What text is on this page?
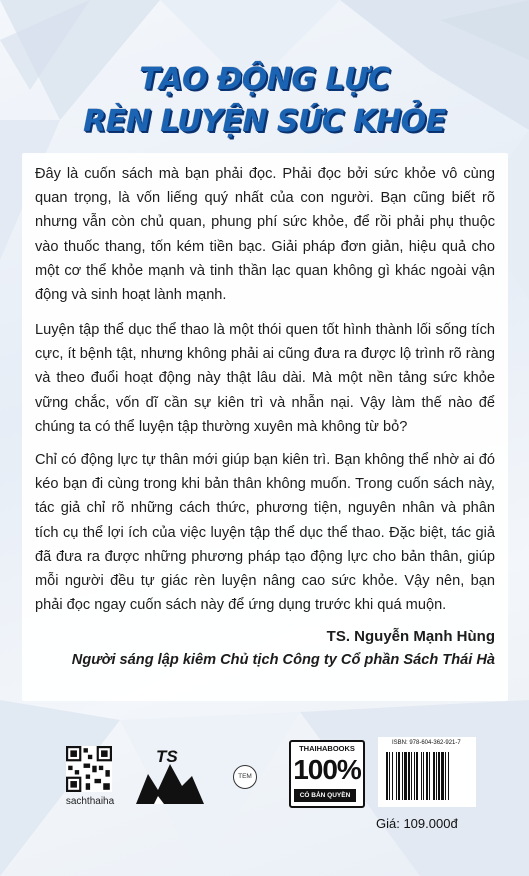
TẠO ĐỘNG LỰC
RÈN LUYỆN SỨC KHỎE

Đây là cuốn sách mà bạn phải đọc. Phải đọc bởi sức khỏe vô cùng quan trọng, là vốn liếng quý nhất của con người. Bạn cũng biết rõ nhưng vẫn còn chủ quan, phung phí sức khỏe, để rồi phải phụ thuộc vào thuốc thang, tốn kém tiền bạc. Giải pháp đơn giản, hiệu quả cho một cơ thể khỏe mạnh và tinh thần lạc quan không gì khác ngoài vận động và sinh hoạt lành mạnh.

Luyện tập thể dục thể thao là một thói quen tốt hình thành lối sống tích cực, ít bệnh tật, nhưng không phải ai cũng đưa ra được lộ trình rõ ràng và theo đuổi hoạt động này thật lâu dài. Mà một nền tảng sức khỏe vững chắc, vốn dĩ cần sự kiên trì và nhẫn nại. Vậy làm thế nào để chúng ta có thể luyện tập thường xuyên mà không từ bỏ?

Chỉ có động lực tự thân mới giúp bạn kiên trì. Bạn không thể nhờ ai đó kéo bạn đi cùng trong khi bản thân không muốn. Trong cuốn sách này, tác giả chỉ rõ những cách thức, phương tiện, nguyên nhân và phân tích cụ thể lợi ích của việc luyện tập thể dục thể thao. Đặc biệt, tác giả đã đưa ra được những phương pháp tạo động lực cho bản thân, giúp mỗi người đều tự giác rèn luyện nâng cao sức khỏe. Vậy nên, bạn phải đọc ngay cuốn sách này để ứng dụng trước khi quá muộn.

TS. Nguyễn Mạnh Hùng
Người sáng lập kiêm Chủ tịch Công ty Cổ phần Sách Thái Hà
sachthaiha
TS
TEM
THAIHABOOKS
100%
CÓ BẢN QUYỀN
ISBN: 978-604-362-921-7
Giá: 109.000đ
